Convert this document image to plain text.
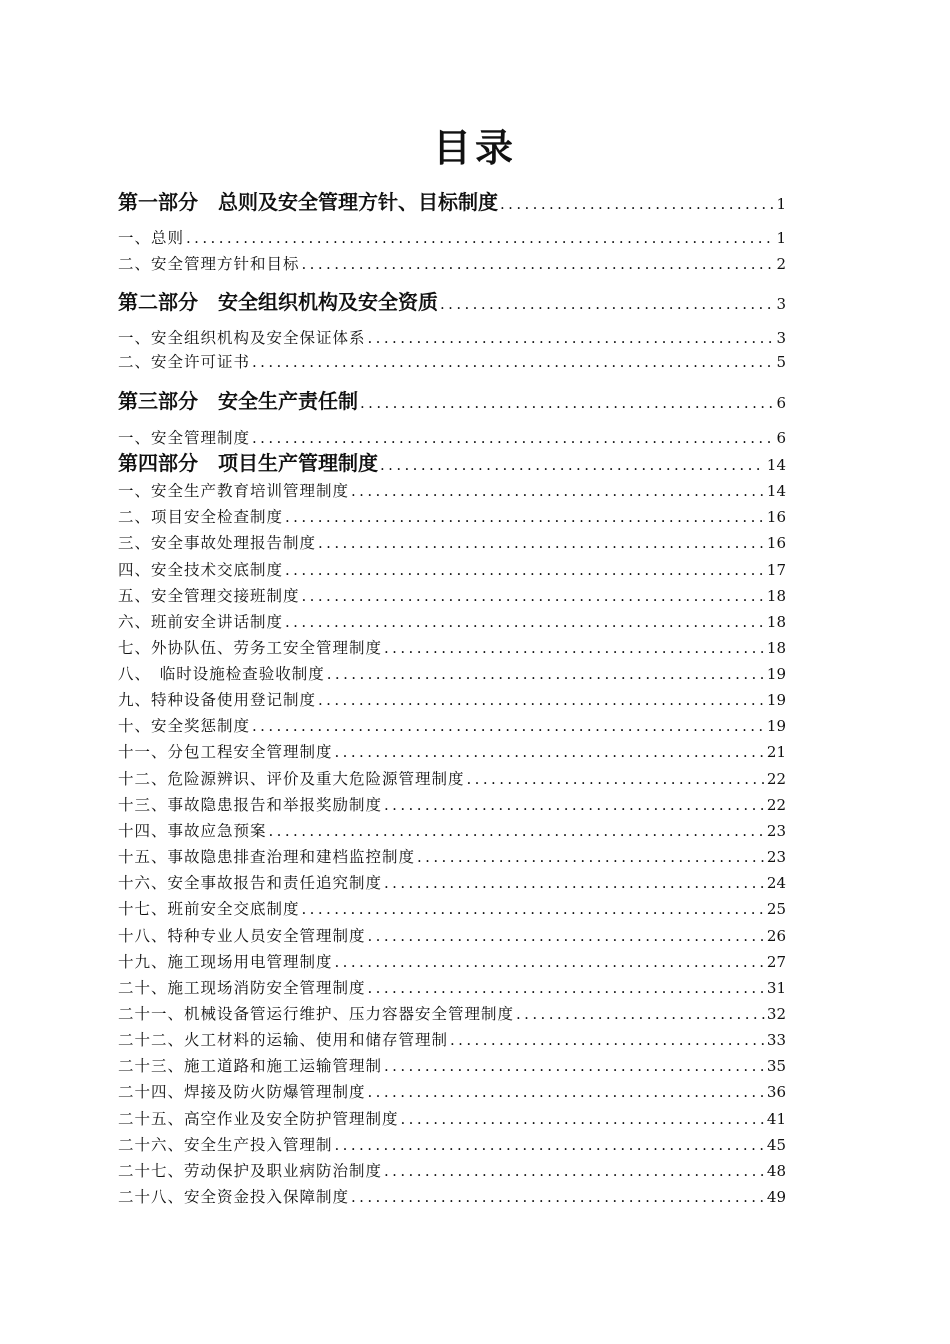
目录
第一部分　总则及安全管理方针、目标制度 .....	1
一、总则 .....	1
二、安全管理方针和目标 .....	2
第二部分　安全组织机构及安全资质 .....	3
一、安全组织机构及安全保证体系 .....	3
二、安全许可证书 .....	5
第三部分　安全生产责任制 .....	6
一、安全管理制度 .....	6
第四部分　项目生产管理制度 .....	14
一、安全生产教育培训管理制度 .....	14
二、项目安全检查制度 .....	16
三、安全事故处理报告制度 .....	16
四、安全技术交底制度 .....	17
五、安全管理交接班制度 .....	18
六、班前安全讲话制度 .....	18
七、外协队伍、劳务工安全管理制度 .....	18
八、　临时设施检查验收制度 .....	19
九、特种设备使用登记制度 .....	19
十、安全奖惩制度 .....	19
十一、分包工程安全管理制度 .....	21
十二、危险源辨识、评价及重大危险源管理制度 .....	22
十三、事故隐患报告和举报奖励制度 .....	22
十四、事故应急预案 .....	23
十五、事故隐患排查治理和建档监控制度 .....	23
十六、安全事故报告和责任追究制度 .....	24
十七、班前安全交底制度 .....	25
十八、特种专业人员安全管理制度 .....	26
十九、施工现场用电管理制度 .....	27
二十、施工现场消防安全管理制度 .....	31
二十一、机械设备管运行维护、压力容器安全管理制度 .....	32
二十二、火工材料的运输、使用和储存管理制 .....	33
二十三、施工道路和施工运输管理制 .....	35
二十四、焊接及防火防爆管理制度 .....	36
二十五、高空作业及安全防护管理制度 .....	41
二十六、安全生产投入管理制 .....	45
二十七、劳动保护及职业病防治制度 .....	48
二十八、安全资金投入保障制度 .....	49
